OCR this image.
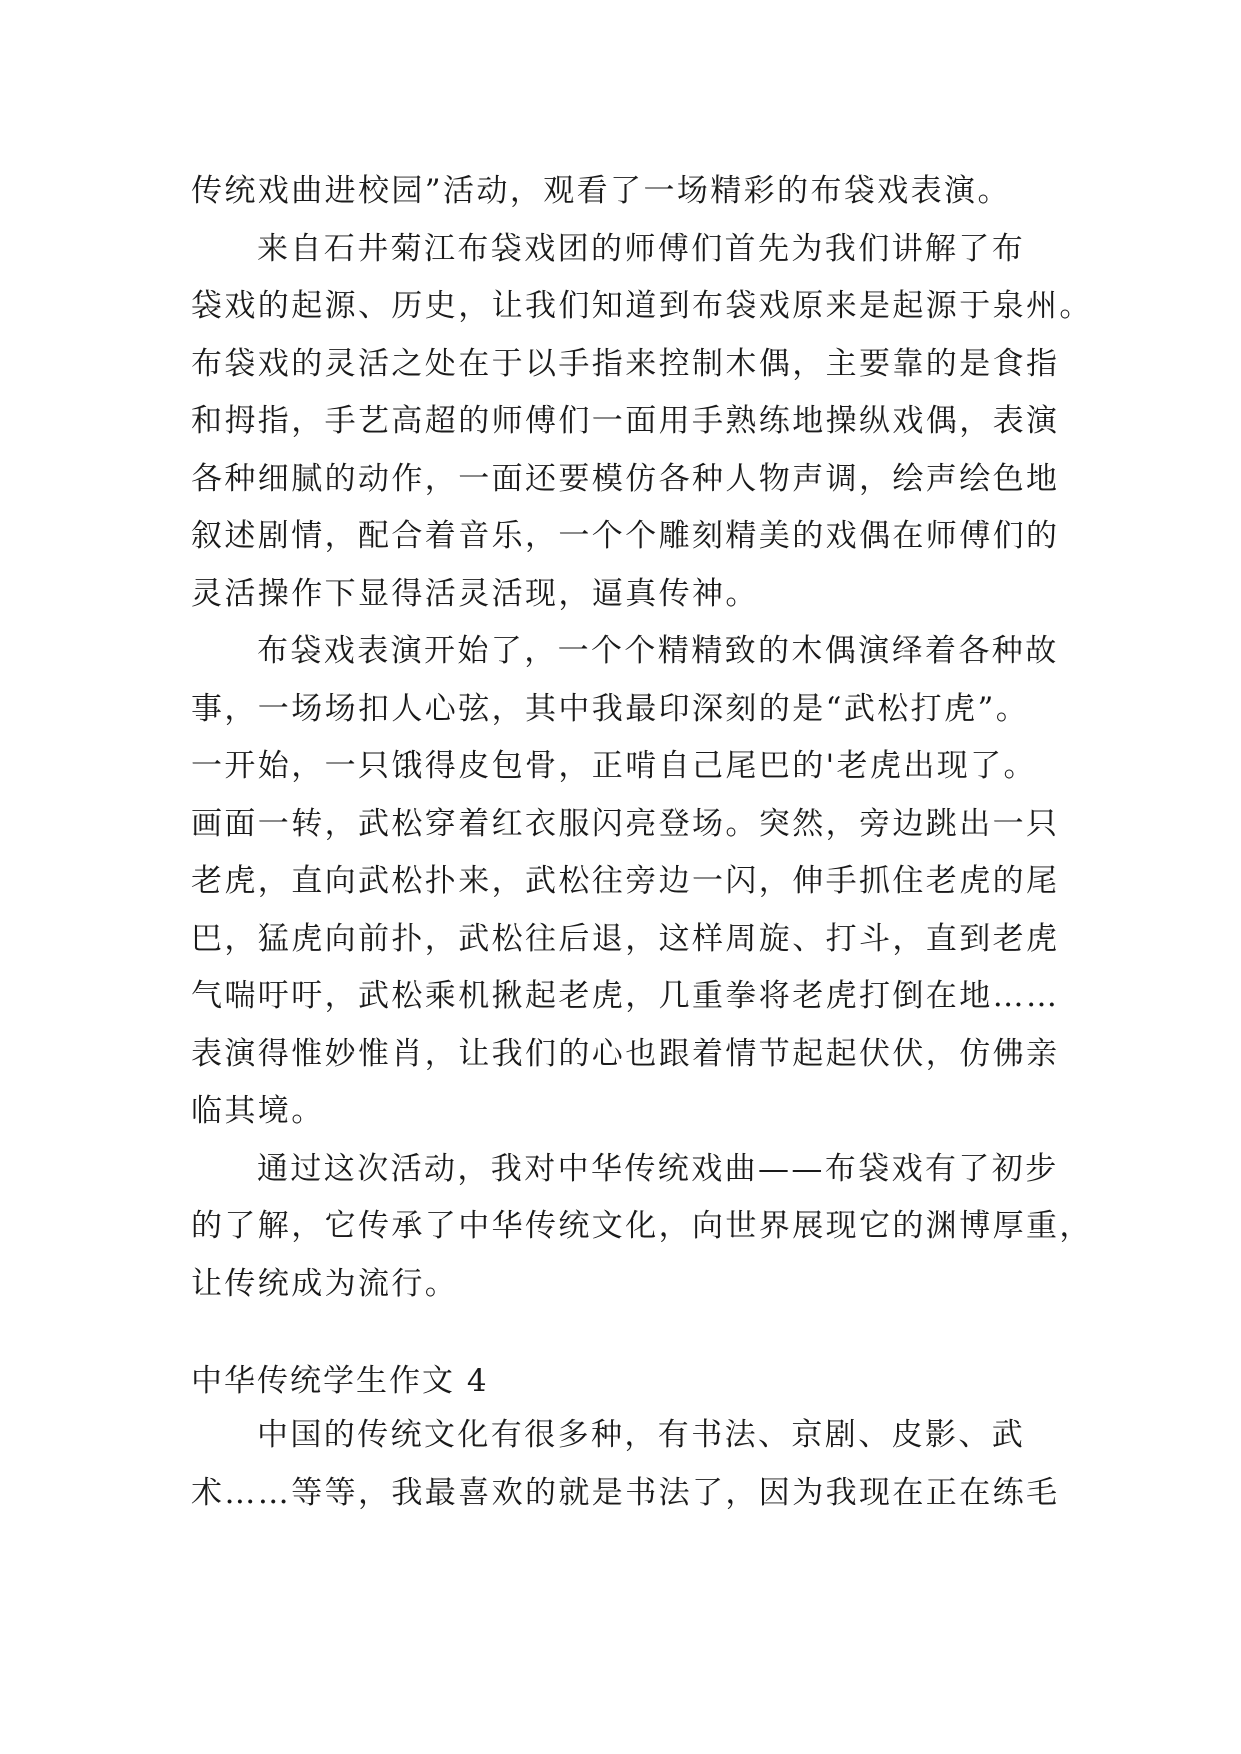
传统戏曲进校园”活动，观看了一场精彩的布袋戏表演。
来自石井菊江布袋戏团的师傅们首先为我们讲解了布
袋戏的起源、历史，让我们知道到布袋戏原来是起源于泉州。
布袋戏的灵活之处在于以手指来控制木偶，主要靠的是食指
和拇指，手艺高超的师傅们一面用手熟练地操纵戏偶，表演
各种细腻的动作，一面还要模仿各种人物声调，绘声绘色地
叙述剧情，配合着音乐，一个个雕刻精美的戏偶在师傅们的
灵活操作下显得活灵活现，逼真传神。
布袋戏表演开始了，一个个精精致的木偶演绎着各种故
事，一场场扣人心弦，其中我最印深刻的是“武松打虎”。
一开始，一只饿得皮包骨，正啃自己尾巴的'老虎出现了。
画面一转，武松穿着红衣服闪亮登场。突然，旁边跳出一只
老虎，直向武松扑来，武松往旁边一闪，伸手抓住老虎的尾
巴，猛虎向前扑，武松往后退，这样周旋、打斗，直到老虎
气喘吁吁，武松乘机揪起老虎，几重拳将老虎打倒在地……
表演得惟妙惟肖，让我们的心也跟着情节起起伏伏，仿佛亲
临其境。
通过这次活动，我对中华传统戏曲——布袋戏有了初步
的了解，它传承了中华传统文化，向世界展现它的渊博厚重，
让传统成为流行。
中华传统学生作文 4
中国的传统文化有很多种，有书法、京剧、皮影、武
术……等等，我最喜欢的就是书法了，因为我现在正在练毛
